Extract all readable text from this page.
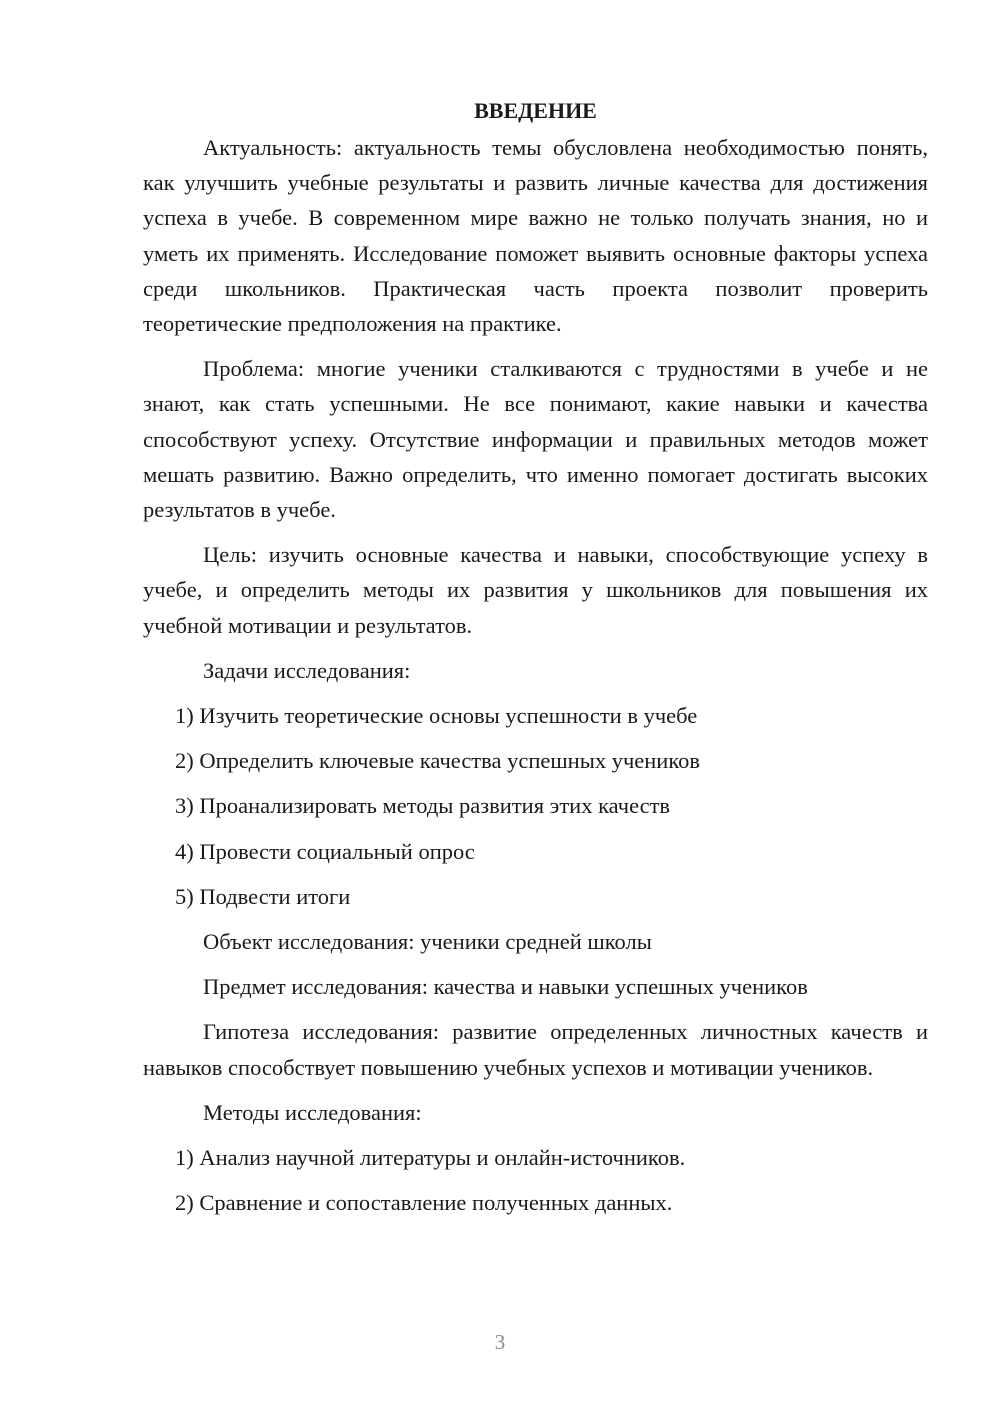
ВВЕДЕНИЕ

Актуальность: актуальность темы обусловлена необходимостью понять, как улучшить учебные результаты и развить личные качества для достижения успеха в учебе. В современном мире важно не только получать знания, но и уметь их применять. Исследование поможет выявить основные факторы успеха среди школьников. Практическая часть проекта позволит проверить теоретические предположения на практике.

Проблема: многие ученики сталкиваются с трудностями в учебе и не знают, как стать успешными. Не все понимают, какие навыки и качества способствуют успеху. Отсутствие информации и правильных методов может мешать развитию. Важно определить, что именно помогает достигать высоких результатов в учебе.

Цель: изучить основные качества и навыки, способствующие успеху в учебе, и определить методы их развития у школьников для повышения их учебной мотивации и результатов.

Задачи исследования:

1) Изучить теоретические основы успешности в учебе

2) Определить ключевые качества успешных учеников

3) Проанализировать методы развития этих качеств

4) Провести социальный опрос

5) Подвести итоги

Объект исследования: ученики средней школы

Предмет исследования: качества и навыки успешных учеников

Гипотеза исследования: развитие определенных личностных качеств и навыков способствует повышению учебных успехов и мотивации учеников.

Методы исследования:

1) Анализ научной литературы и онлайн-источников.

2) Сравнение и сопоставление полученных данных.

3
